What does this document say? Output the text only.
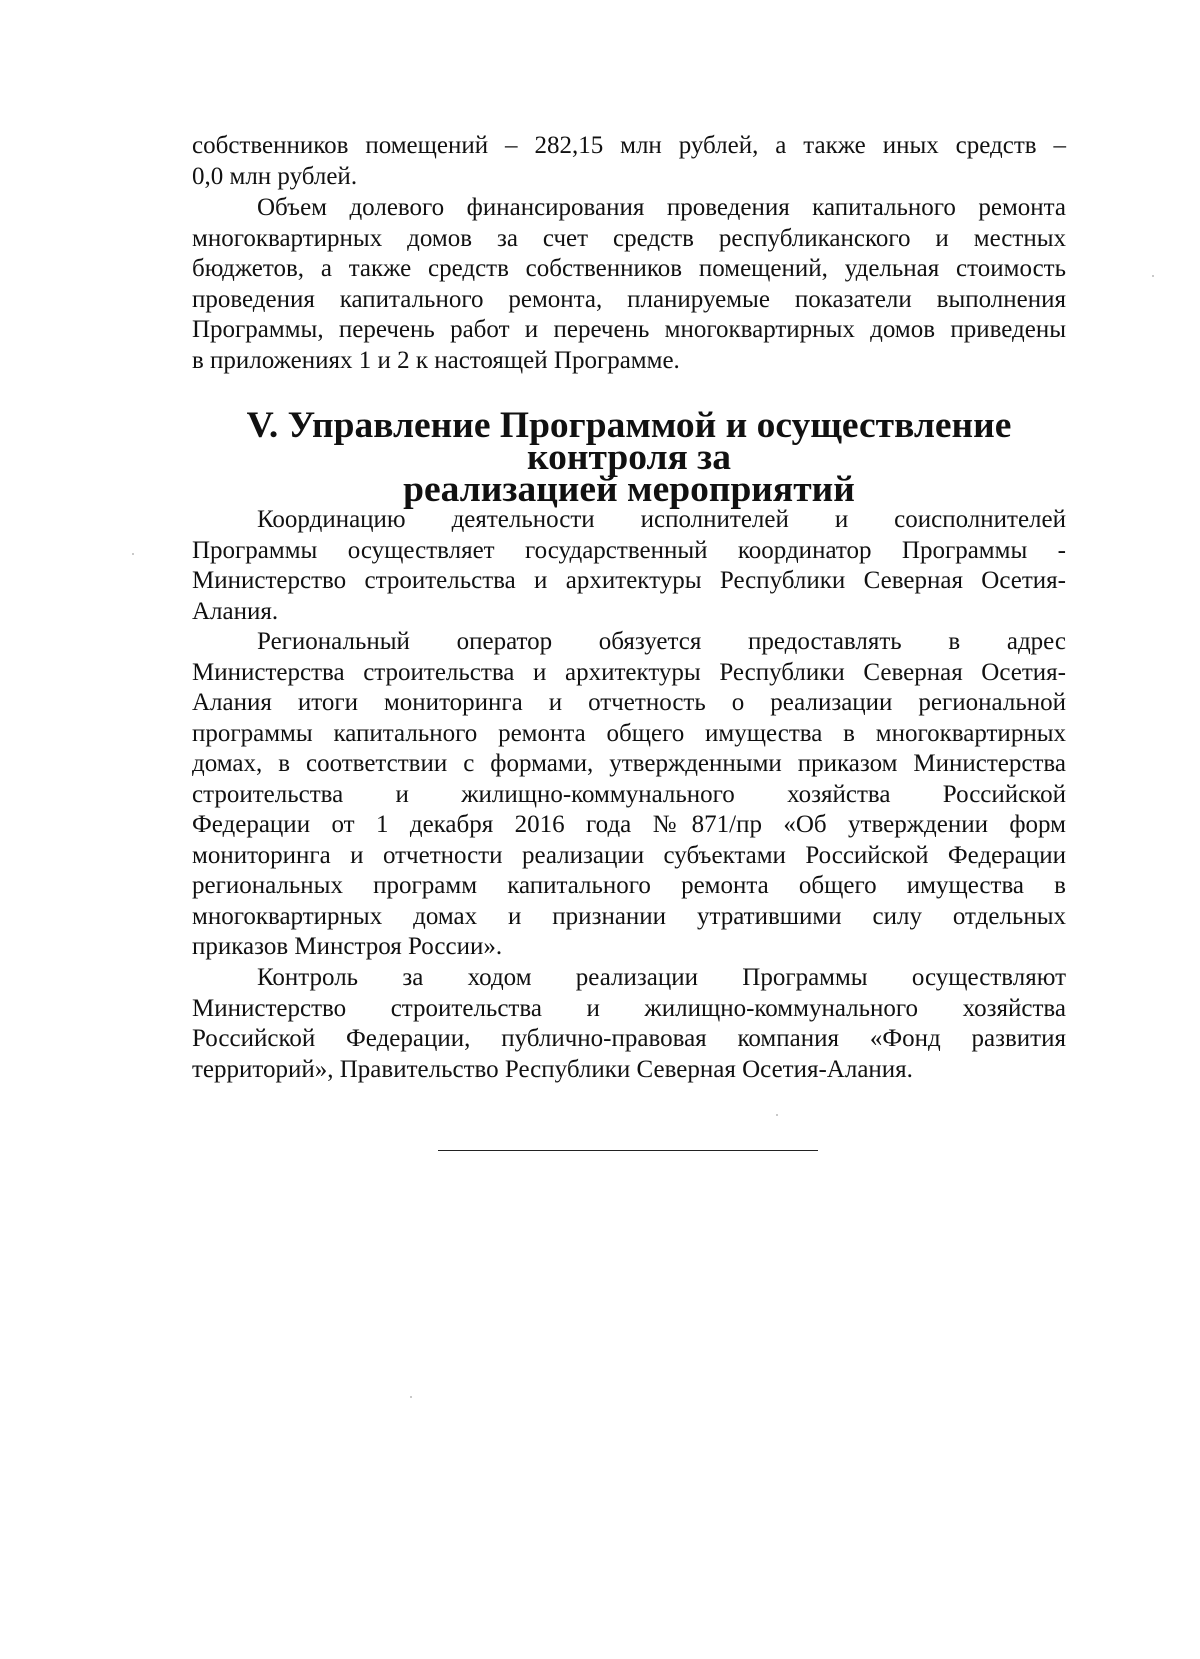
собственников помещений – 282,15 млн рублей, а также иных средств –
0,0 млн рублей.

Объем долевого финансирования проведения капитального ремонта
многоквартирных домов за счет средств республиканского и местных
бюджетов, а также средств собственников помещений, удельная стоимость
проведения капитального ремонта, планируемые показатели выполнения
Программы, перечень работ и перечень многоквартирных домов приведены
в приложениях 1 и 2 к настоящей Программе.

V. Управление Программой и осуществление контроля за
реализацией мероприятий

Координацию деятельности исполнителей и соисполнителей
Программы осуществляет государственный координатор Программы -
Министерство строительства и архитектуры Республики Северная Осетия-
Алания.

Региональный оператор обязуется предоставлять в адрес
Министерства строительства и архитектуры Республики Северная Осетия-
Алания итоги мониторинга и отчетность о реализации региональной
программы капитального ремонта общего имущества в многоквартирных
домах, в соответствии с формами, утвержденными приказом Министерства
строительства и жилищно-коммунального хозяйства Российской
Федерации от 1 декабря 2016 года №871/пр «Об утверждении форм
мониторинга и отчетности реализации субъектами Российской Федерации
региональных программ капитального ремонта общего имущества в
многоквартирных домах и признании утратившими силу отдельных
приказов Минстроя России».

Контроль за ходом реализации Программы осуществляют
Министерство строительства и жилищно-коммунального хозяйства
Российской Федерации, публично-правовая компания «Фонд развития
территорий», Правительство Республики Северная Осетия-Алания.
